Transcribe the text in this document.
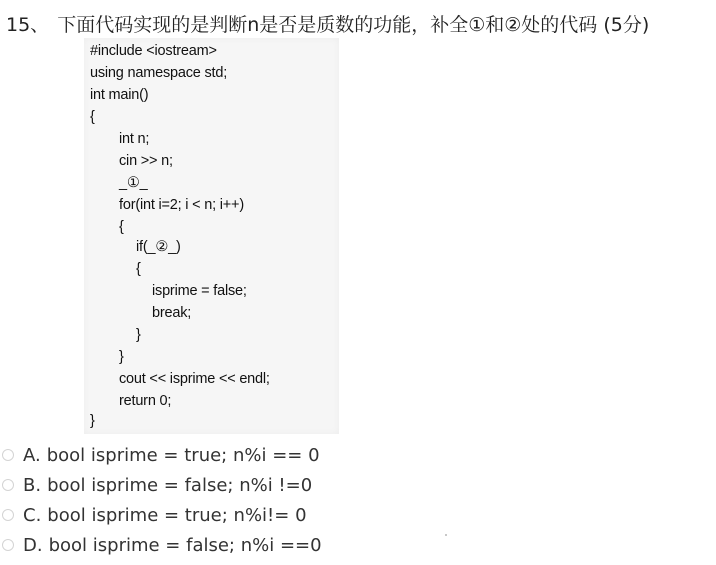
15、 下面代码实现的是判断n是否是质数的功能，补全①和②处的代码 (5分)
#include <iostream>
using namespace std;
int main()
{
int n;
cin >> n;
_①_
for(int i=2; i < n; i++)
{
if(_②_)
{
isprime = false;
break;
}
}
cout << isprime << endl;
return 0;
}
A. bool isprime = true; n%i == 0
B. bool isprime = false; n%i !=0
C. bool isprime = true; n%i!= 0
D. bool isprime = false; n%i ==0
